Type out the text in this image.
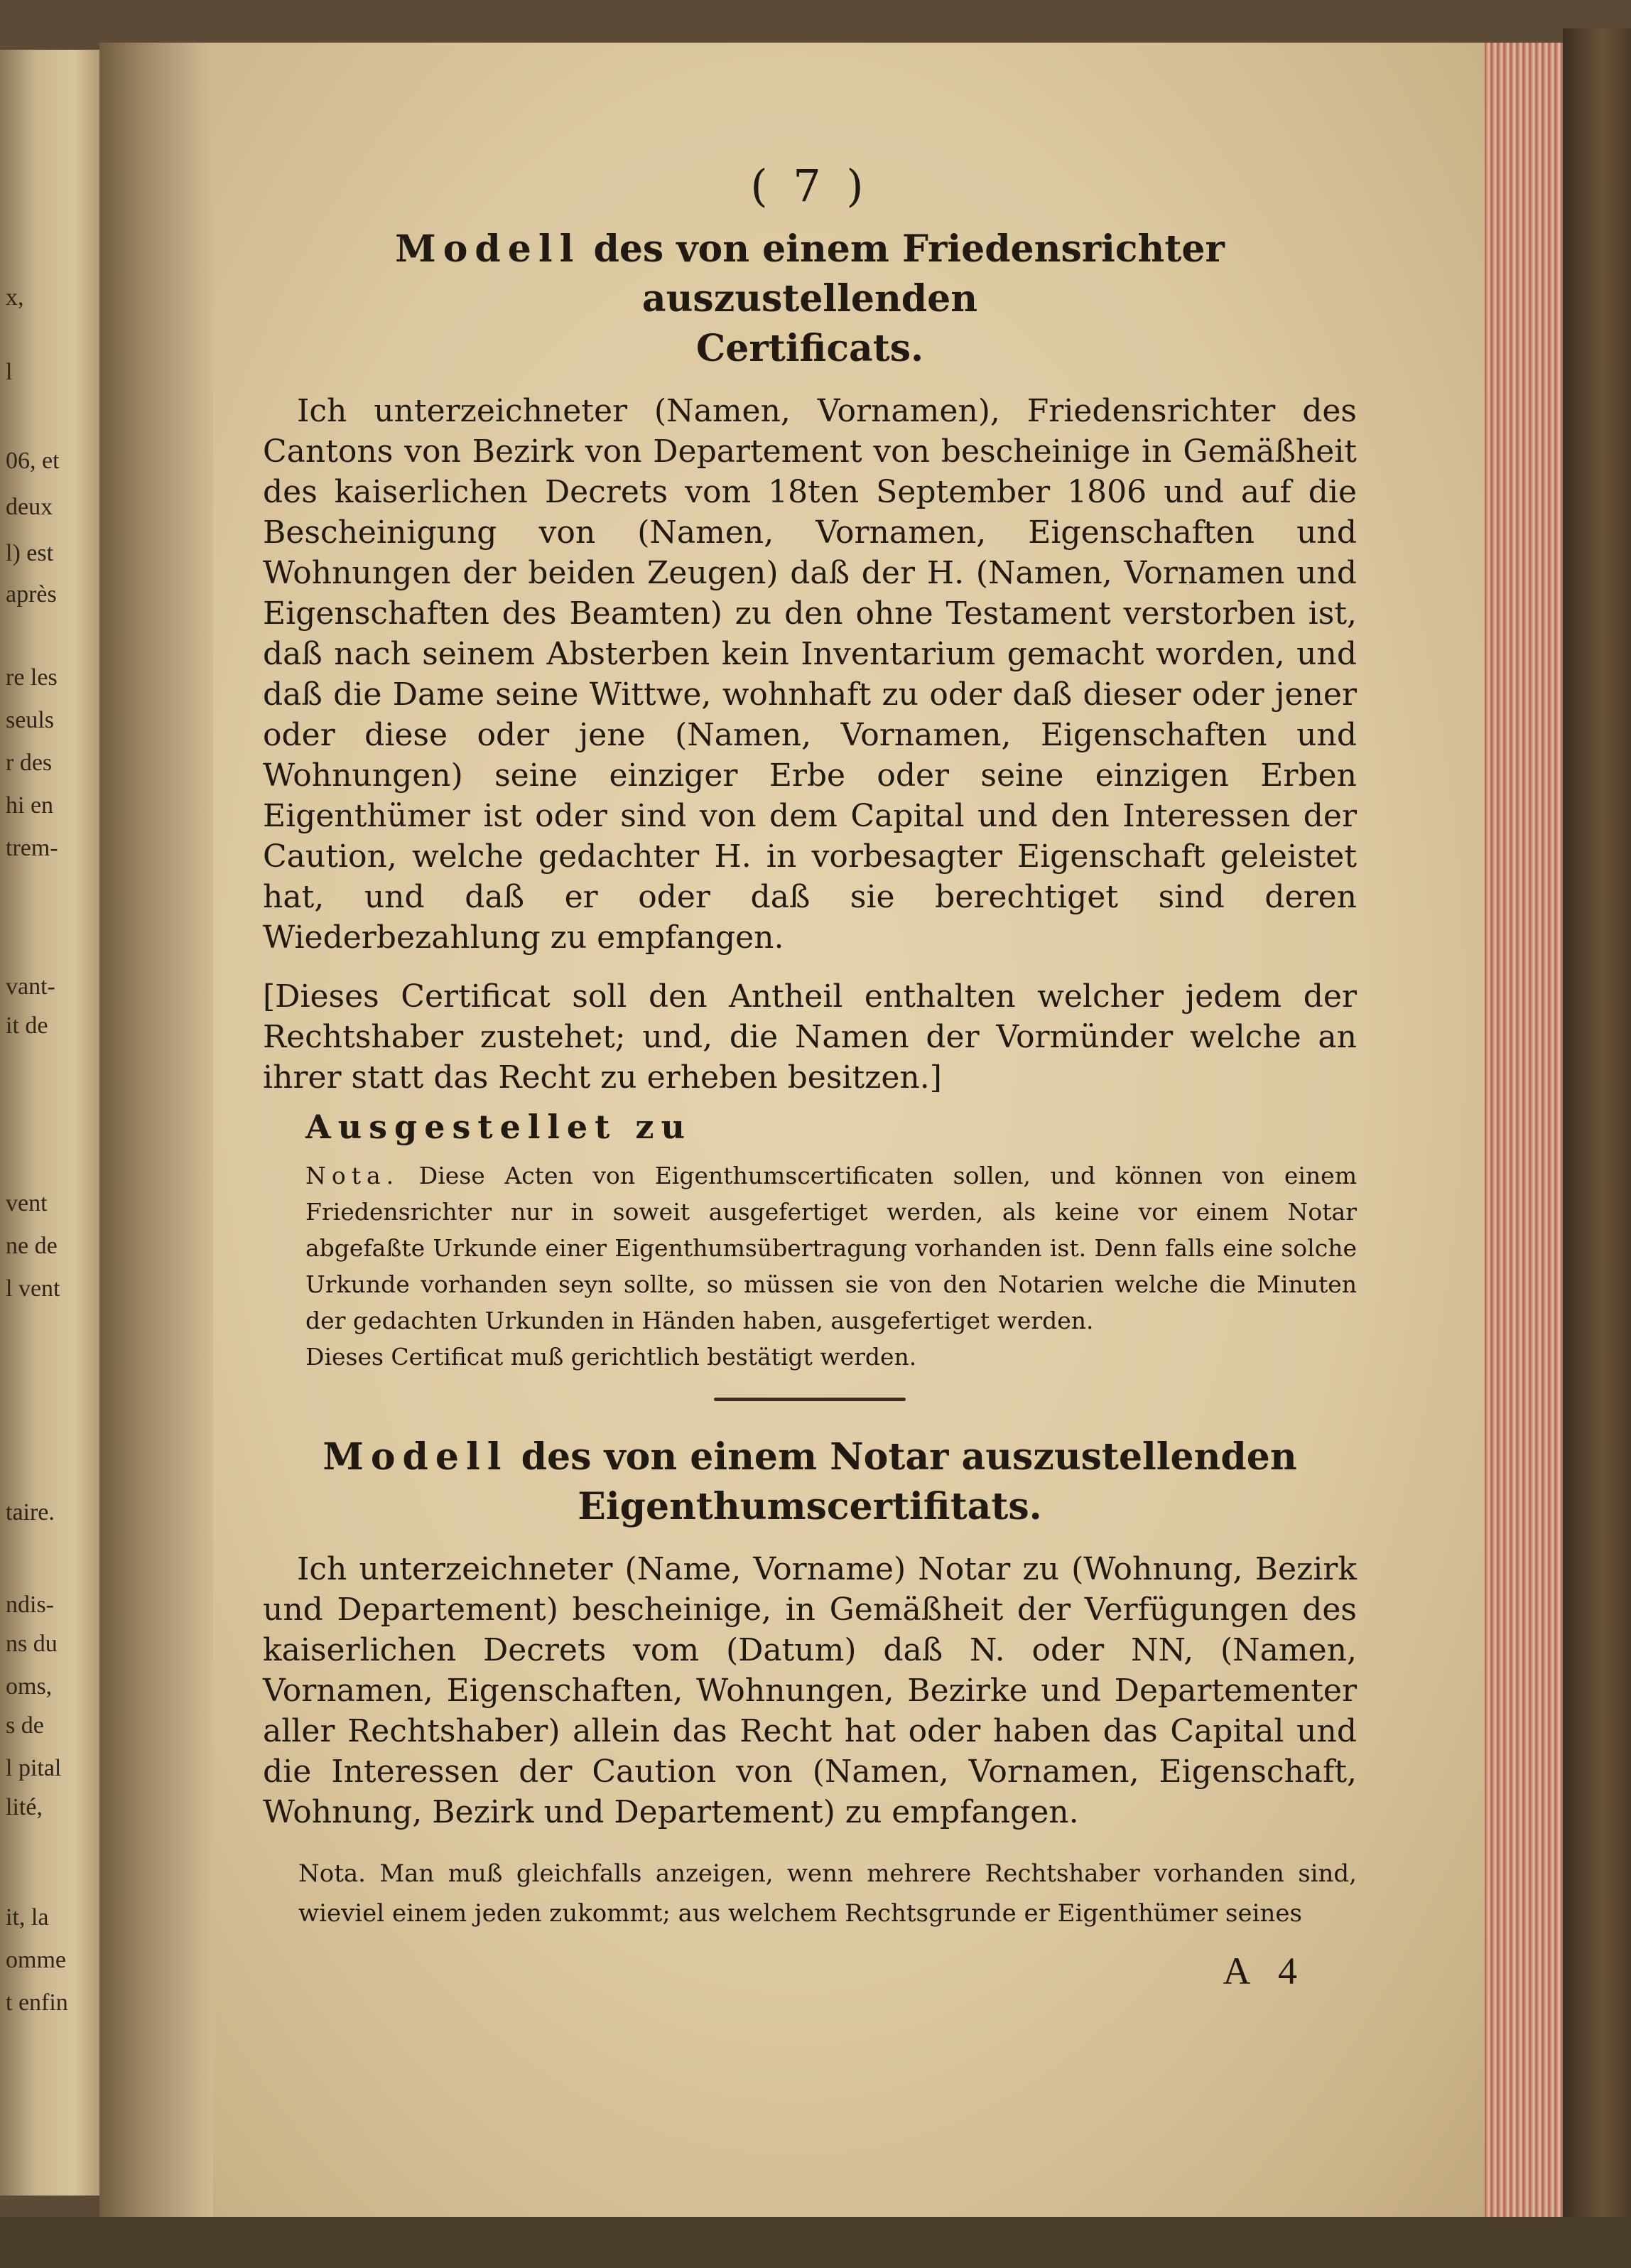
x,
l
06, et
deux
l) est
après
re les
seuls
r des
hi en
trem-
vant-
it de
vent
ne de
l vent
taire.
ndis-
ns du
oms,
s de
l pital
lité,
it, la
omme
t enfin
( 7 )
Modell des von einem Friedensrichter auszustellenden
Certificats.

Ich unterzeichneter (Namen, Vornamen), Friedensrichter des Cantons von Bezirk von Departement von bescheinige in Gemäßheit des kaiserlichen Decrets vom 18ten September 1806 und auf die Bescheinigung von (Namen, Vornamen, Eigenschaften und Wohnungen der beiden Zeugen) daß der H. (Namen, Vornamen und Eigenschaften des Beamten) zu den ohne Testament verstorben ist, daß nach seinem Absterben kein Inventarium gemacht worden, und daß die Dame seine Wittwe, wohnhaft zu oder daß dieser oder jener oder diese oder jene (Namen, Vornamen, Eigenschaften und Wohnungen) seine einziger Erbe oder seine einzigen Erben Eigenthümer ist oder sind von dem Capital und den Interessen der Caution, welche gedachter H. in vorbesagter Eigenschaft geleistet hat, und daß er oder daß sie berechtiget sind deren Wiederbezahlung zu empfangen.

[Dieses Certificat soll den Antheil enthalten welcher jedem der Rechtshaber zustehet; und, die Namen der Vormünder welche an ihrer statt das Recht zu erheben besitzen.]

Ausgestellet zu

Nota. Diese Acten von Eigenthumscertificaten sollen, und können von einem Friedensrichter nur in soweit ausgefertiget werden, als keine vor einem Notar abgefaßte Urkunde einer Eigenthumsübertragung vorhanden ist. Denn falls eine solche Urkunde vorhanden seyn sollte, so müssen sie von den Notarien welche die Minuten der gedachten Urkunden in Händen haben, ausgefertiget werden.

Dieses Certificat muß gerichtlich bestätigt werden.

Modell des von einem Notar auszustellenden
Eigenthumscertifitats.

Ich unterzeichneter (Name, Vorname) Notar zu (Wohnung, Bezirk und Departement) bescheinige, in Gemäßheit der Verfügungen des kaiserlichen Decrets vom (Datum) daß N. oder NN, (Namen, Vornamen, Eigenschaften, Wohnungen, Bezirke und Departementer aller Rechtshaber) allein das Recht hat oder haben das Capital und die Interessen der Caution von (Namen, Vornamen, Eigenschaft, Wohnung, Bezirk und Departement) zu empfangen.

Nota. Man muß gleichfalls anzeigen, wenn mehrere Rechtshaber vorhanden sind, wieviel einem jeden zukommt; aus welchem Rechtsgrunde er Eigenthümer seines

A 4
